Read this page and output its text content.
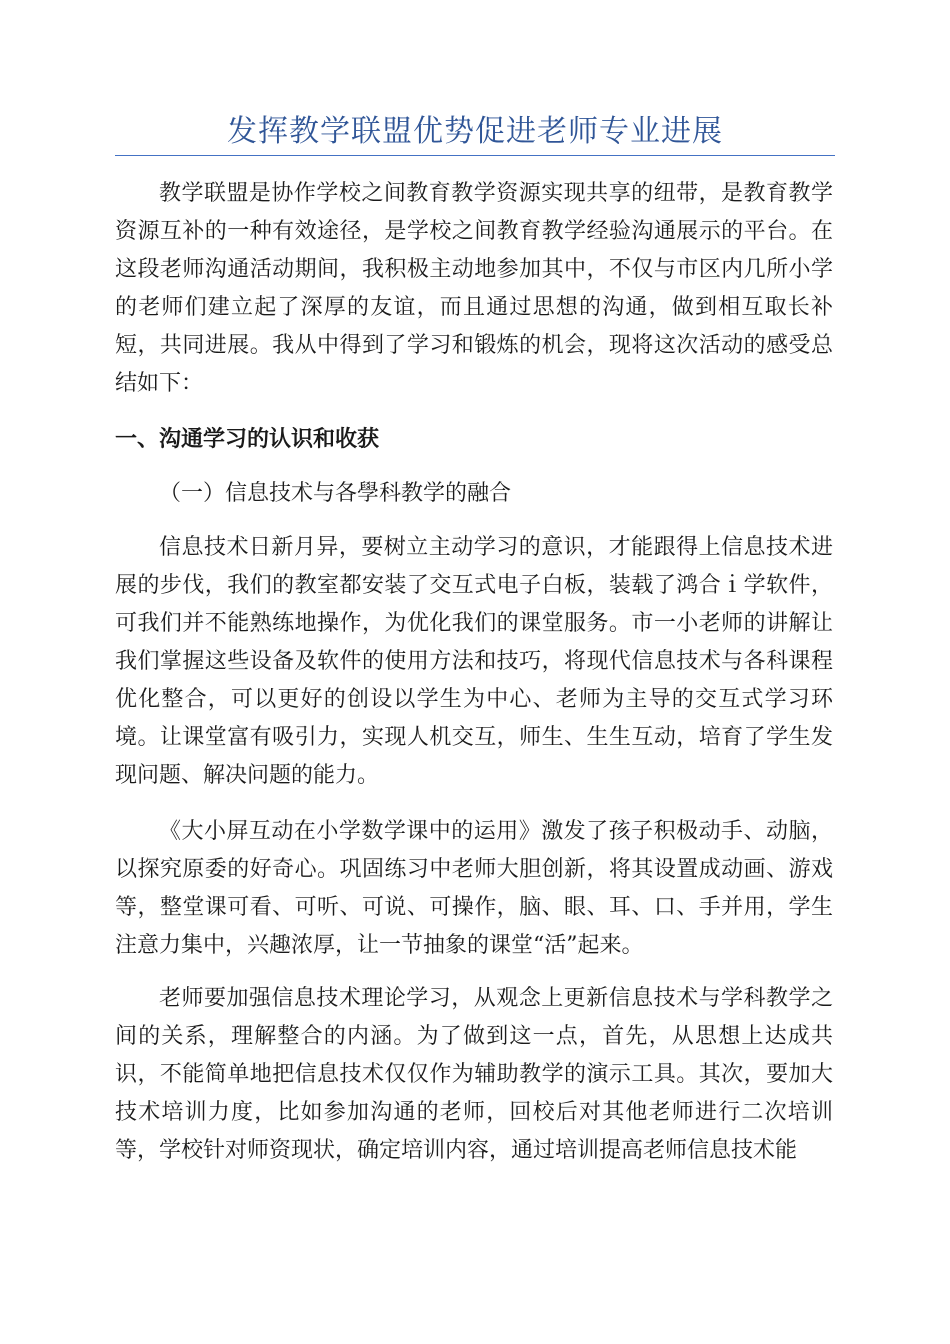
发挥教学联盟优势促进老师专业进展

教学联盟是协作学校之间教育教学资源实现共享的纽带，是教育教学资源互补的一种有效途径，是学校之间教育教学经验沟通展示的平台。在这段老师沟通活动期间，我积极主动地参加其中，不仅与市区内几所小学的老师们建立起了深厚的友谊，而且通过思想的沟通，做到相互取长补短，共同进展。我从中得到了学习和锻炼的机会，现将这次活动的感受总结如下：

一、沟通学习的认识和收获

（一）信息技术与各學科教学的融合

信息技术日新月异，要树立主动学习的意识，才能跟得上信息技术进展的步伐，我们的教室都安装了交互式电子白板，装载了鸿合ｉ学软件，可我们并不能熟练地操作，为优化我们的课堂服务。市一小老师的讲解让我们掌握这些设备及软件的使用方法和技巧，将现代信息技术与各科课程优化整合，可以更好的创设以学生为中心、老师为主导的交互式学习环境。让课堂富有吸引力，实现人机交互，师生、生生互动，培育了学生发现问题、解决问题的能力。

《大小屏互动在小学数学课中的运用》激发了孩子积极动手、动脑，以探究原委的好奇心。巩固练习中老师大胆创新，将其设置成动画、游戏等，整堂课可看、可听、可说、可操作，脑、眼、耳、口、手并用，学生注意力集中，兴趣浓厚，让一节抽象的课堂“活”起来。

老师要加强信息技术理论学习，从观念上更新信息技术与学科教学之间的关系，理解整合的内涵。为了做到这一点，首先，从思想上达成共识，不能简单地把信息技术仅仅作为辅助教学的演示工具。其次，要加大技术培训力度，比如参加沟通的老师，回校后对其他老师进行二次培训等，学校针对师资现状，确定培训内容，通过培训提高老师信息技术能
